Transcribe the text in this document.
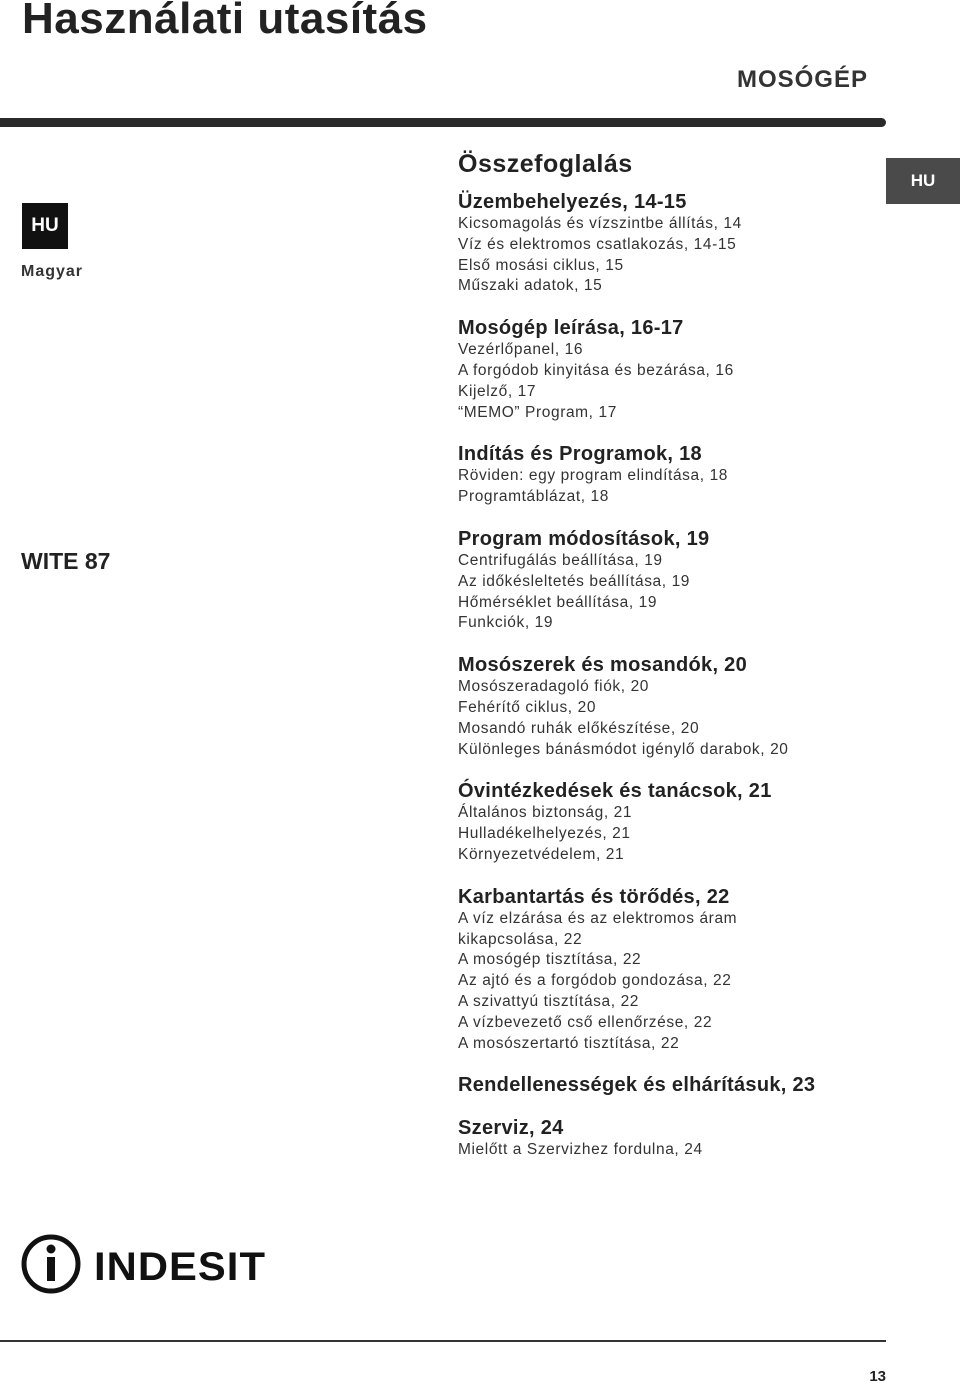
Használati utasítás
MOSÓGÉP
HU
HU
Magyar
WITE 87
Összefoglalás
Üzembehelyezés, 14-15
Kicsomagolás és vízszintbe állítás, 14
Víz és elektromos csatlakozás, 14-15
Első mosási ciklus, 15
Műszaki adatok, 15
Mosógép leírása, 16-17
Vezérlőpanel, 16
A forgódob kinyitása és bezárása, 16
Kijelző, 17
“MEMO” Program, 17
Indítás és Programok, 18
Röviden: egy program elindítása, 18
Programtáblázat, 18
Program módosítások, 19
Centrifugálás beállítása, 19
Az időkésleltetés beállítása, 19
Hőmérséklet beállítása, 19
Funkciók, 19
Mosószerek és mosandók, 20
Mosószeradagoló fiók, 20
Fehérítő ciklus, 20
Mosandó ruhák előkészítése, 20
Különleges bánásmódot igénylő darabok, 20
Óvintézkedések és tanácsok, 21
Általános biztonság, 21
Hulladékelhelyezés, 21
Környezetvédelem, 21
Karbantartás és törődés, 22
A víz elzárása és az elektromos áram
kikapcsolása, 22
A mosógép tisztítása, 22
Az ajtó és a forgódob gondozása, 22
A szivattyú tisztítása, 22
A vízbevezető cső ellenőrzése, 22
A mosószertartó tisztítása, 22
Rendellenességek és elhárításuk, 23
Szerviz, 24
Mielőtt a Szervizhez fordulna, 24
INDESIT
13
